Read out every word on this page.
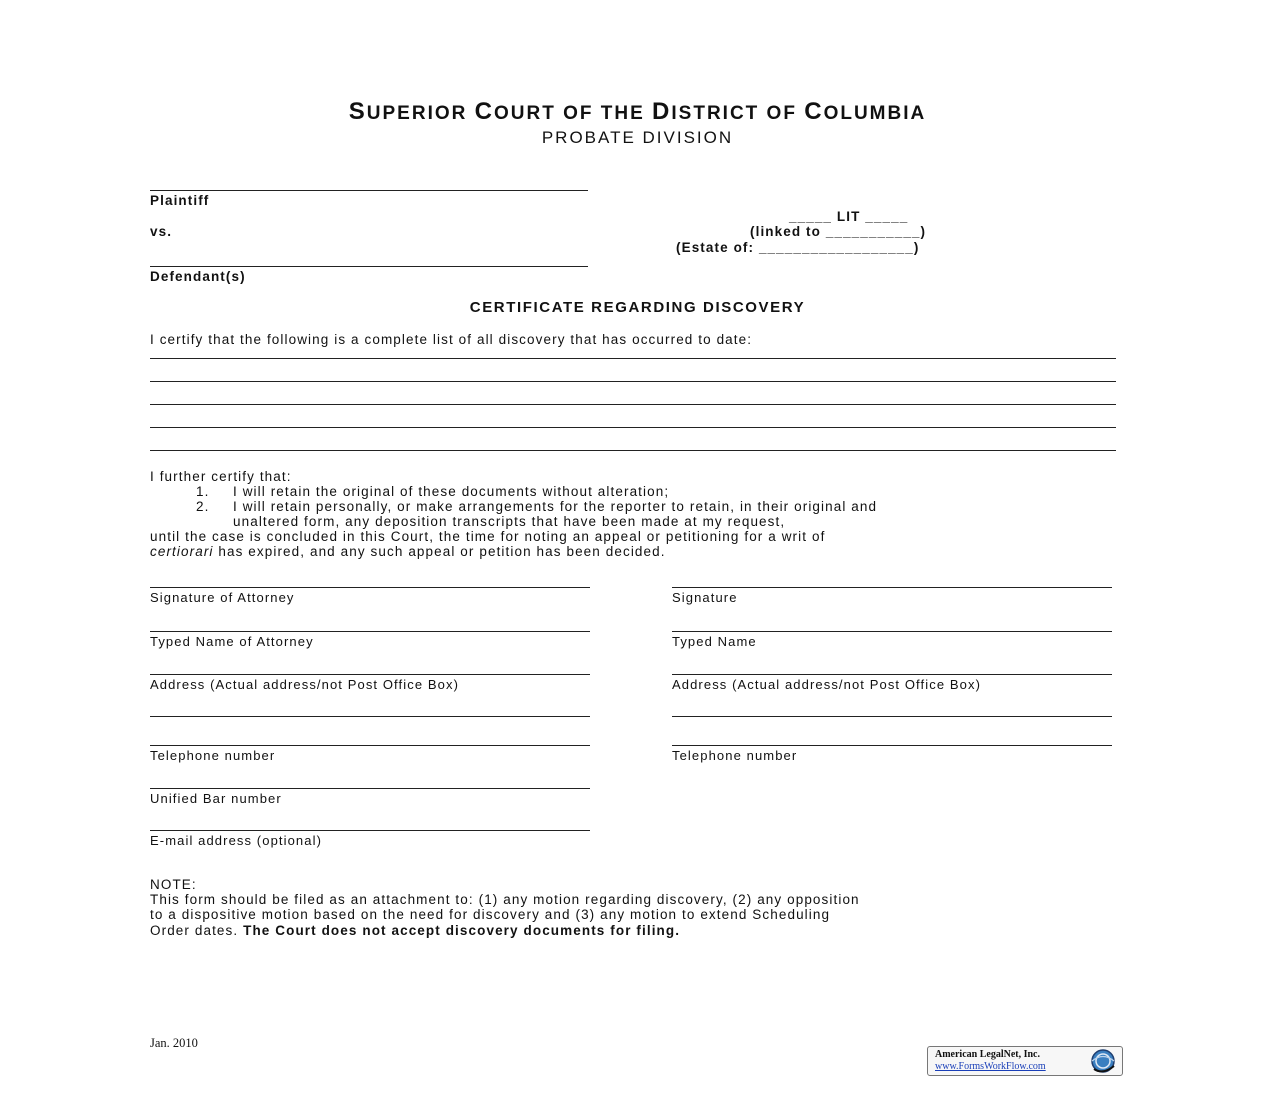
SUPERIOR COURT OF THE DISTRICT OF COLUMBIA
PROBATE DIVISION
Plaintiff
vs.
Defendant(s)
_____ LIT _____
(linked to ___________)
(Estate of: __________________)
CERTIFICATE REGARDING DISCOVERY
I certify that the following is a complete list of all discovery that has occurred to date:
I further certify that:
1. I will retain the original of these documents without alteration;
2. I will retain personally, or make arrangements for the reporter to retain, in their original and
unaltered form, any deposition transcripts that have been made at my request,
until the case is concluded in this Court, the time for noting an appeal or petitioning for a writ of
certiorari has expired, and any such appeal or petition has been decided.
Signature of Attorney
Typed Name of Attorney
Address (Actual address/not Post Office Box)
Telephone number
Unified Bar number
E-mail address (optional)
Signature
Typed Name
Address (Actual address/not Post Office Box)
Telephone number
NOTE:
This form should be filed as an attachment to: (1) any motion regarding discovery, (2) any opposition
to a dispositive motion based on the need for discovery and (3) any motion to extend Scheduling
Order dates. The Court does not accept discovery documents for filing.
Jan. 2010
American LegalNet, Inc.
www.FormsWorkFlow.com
